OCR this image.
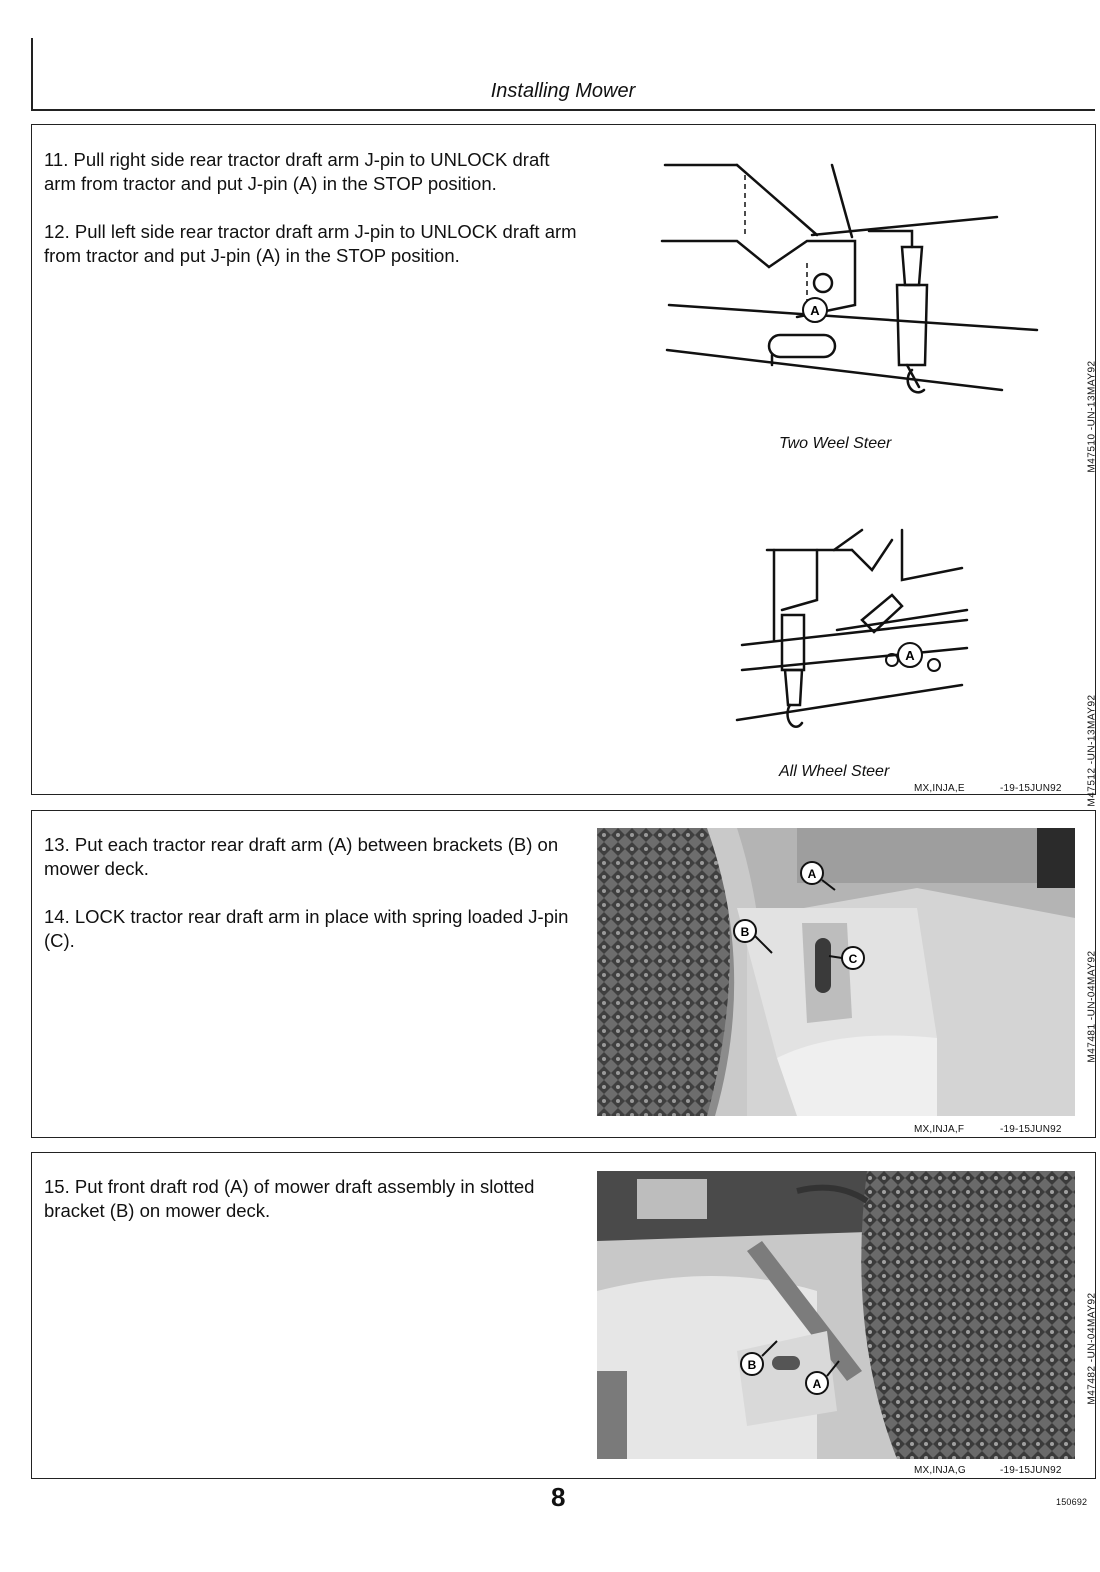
Installing Mower

11. Pull right side rear tractor draft arm J-pin to UNLOCK draft arm from tractor and put J-pin (A) in the STOP position.

12. Pull left side rear tractor draft arm J-pin to UNLOCK draft arm from tractor and put J-pin (A) in the STOP position.

A
Two Weel Steer	M47510 -UN-13MAY92
A
All Wheel Steer	M47512 -UN-13MAY92
MX,INJA,E	-19-15JUN92

13. Put each tractor rear draft arm (A) between brackets (B) on mower deck.

14. LOCK tractor rear draft arm in place with spring loaded J-pin (C).

A
B
C	M47481 -UN-04MAY92
MX,INJA,F	-19-15JUN92

15. Put front draft rod (A) of mower draft assembly in slotted bracket (B) on mower deck.

B
A	M47482 -UN-04MAY92
MX,INJA,G	-19-15JUN92
8	150692
